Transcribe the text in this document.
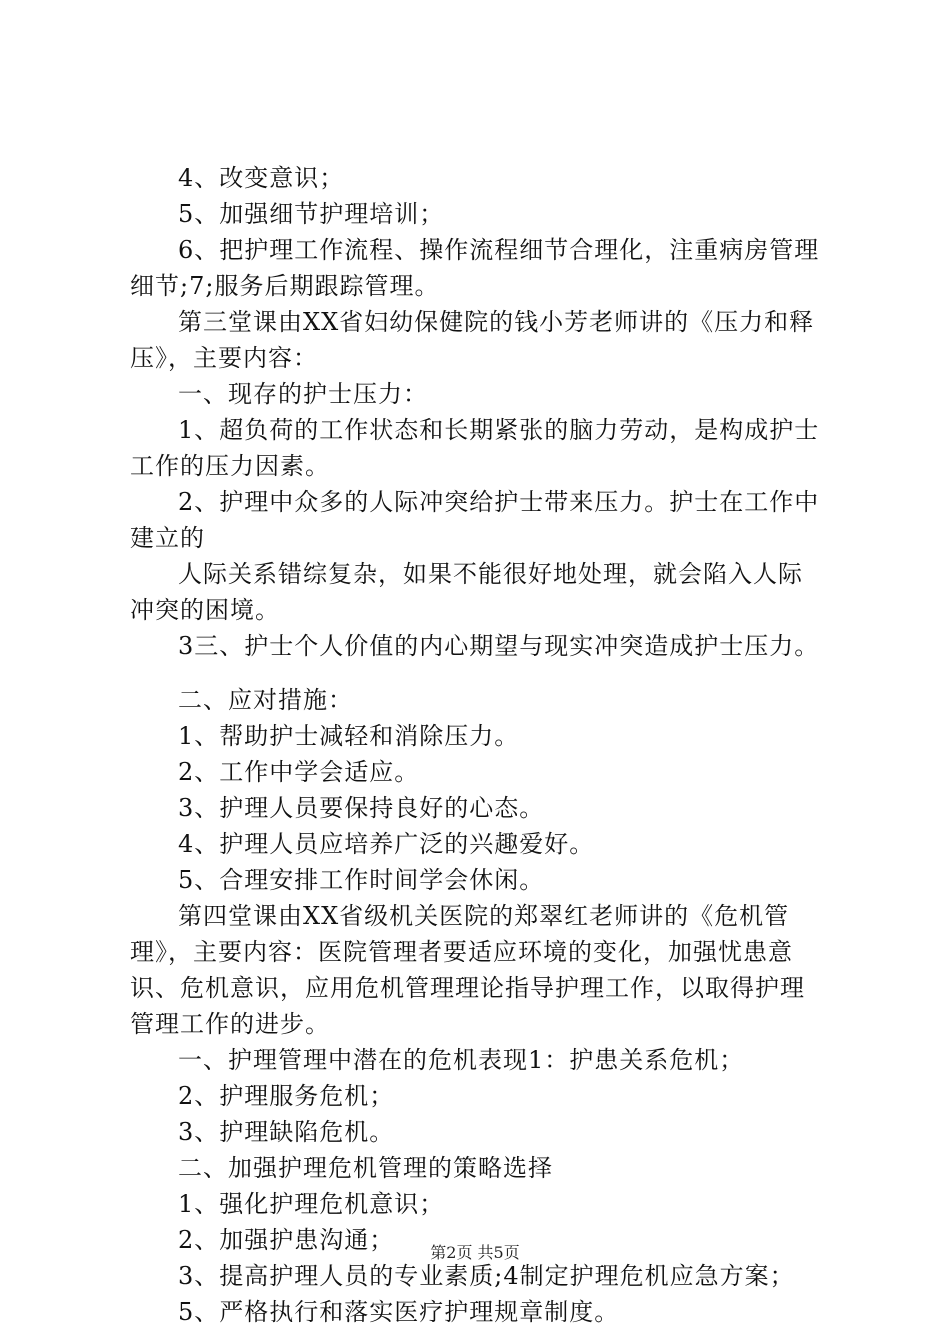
4、改变意识；
5、加强细节护理培训；
6、把护理工作流程、操作流程细节合理化，注重病房管理
细节;7;服务后期跟踪管理。
第三堂课由XX省妇幼保健院的钱小芳老师讲的《压力和释
压》，主要内容：
一、现存的护士压力：
1、超负荷的工作状态和长期紧张的脑力劳动，是构成护士
工作的压力因素。
2、护理中众多的人际冲突给护士带来压力。护士在工作中
建立的
人际关系错综复杂，如果不能很好地处理，就会陷入人际
冲突的困境。
3三、护士个人价值的内心期望与现实冲突造成护士压力。
二、应对措施：
1、帮助护士减轻和消除压力。
2、工作中学会适应。
3、护理人员要保持良好的心态。
4、护理人员应培养广泛的兴趣爱好。
5、合理安排工作时间学会休闲。
第四堂课由XX省级机关医院的郑翠红老师讲的《危机管
理》，主要内容：医院管理者要适应环境的变化，加强忧患意
识、危机意识，应用危机管理理论指导护理工作，以取得护理
管理工作的进步。
一、护理管理中潜在的危机表现1：护患关系危机；
2、护理服务危机；
3、护理缺陷危机。
二、加强护理危机管理的策略选择
1、强化护理危机意识；
2、加强护患沟通；
3、提高护理人员的专业素质;4制定护理危机应急方案；
5、严格执行和落实医疗护理规章制度。
第2页 共5页
